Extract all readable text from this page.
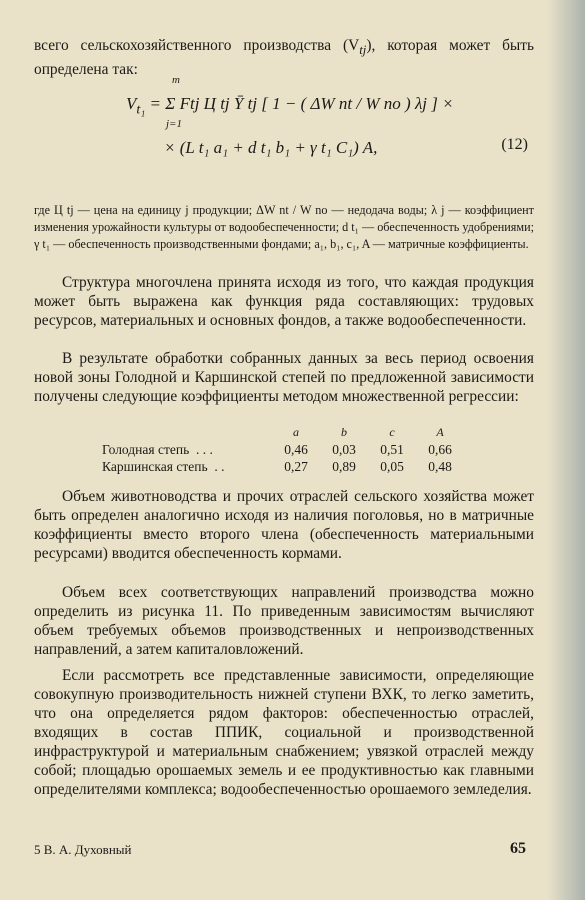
всего сельскохозяйственного производства $(V_{tj})$, которая может быть определена так:

$V_{t_1} = \Sigma$ Ftj Ц tj Ȳ tj [ 1 − ( ΔW nt / W no ) λj ] ×
m
j=1
× (L t₁ a₁ + d t₁ b₁ + γ t₁ C₁) A,	(12)

где Ц tj — цена на единицу j продукции; ΔW nt / W no — недодача воды; λ j — коэффициент изменения урожайности культуры от водообеспеченности; d t₁ — обеспеченность удобрениями; γ t₁ — обеспеченность производственными фондами; a₁, b₁, c₁, A — матричные коэффициенты.

Структура многочлена принята исходя из того, что каждая продукция может быть выражена как функция ряда составляющих: трудовых ресурсов, материальных и основных фондов, а также водообеспеченности.

В результате обработки собранных данных за весь период освоения новой зоны Голодной и Каршинской степей по предложенной зависимости получены следующие коэффициенты методом множественной регрессии:

	a	b	c	A
Голодная степь . . .	0,46	0,03	0,51	0,66
Каршинская степь . .	0,27	0,89	0,05	0,48

Объем животноводства и прочих отраслей сельского хозяйства может быть определен аналогично исходя из наличия поголовья, но в матричные коэффициенты вместо второго члена (обеспеченность материальными ресурсами) вводится обеспеченность кормами.

Объем всех соответствующих направлений производства можно определить из рисунка 11. По приведенным зависимостям вычисляют объем требуемых объемов производственных и непроизводственных направлений, а затем капиталовложений.

Если рассмотреть все представленные зависимости, определяющие совокупную производительность нижней ступени ВХК, то легко заметить, что она определяется рядом факторов: обеспеченностью отраслей, входящих в состав ППИК, социальной и производственной инфраструктурой и материальным снабжением; увязкой отраслей между собой; площадью орошаемых земель и ее продуктивностью как главными определителями комплекса; водообеспеченностью орошаемого земледелия.

5 В. А. Духовный	65
